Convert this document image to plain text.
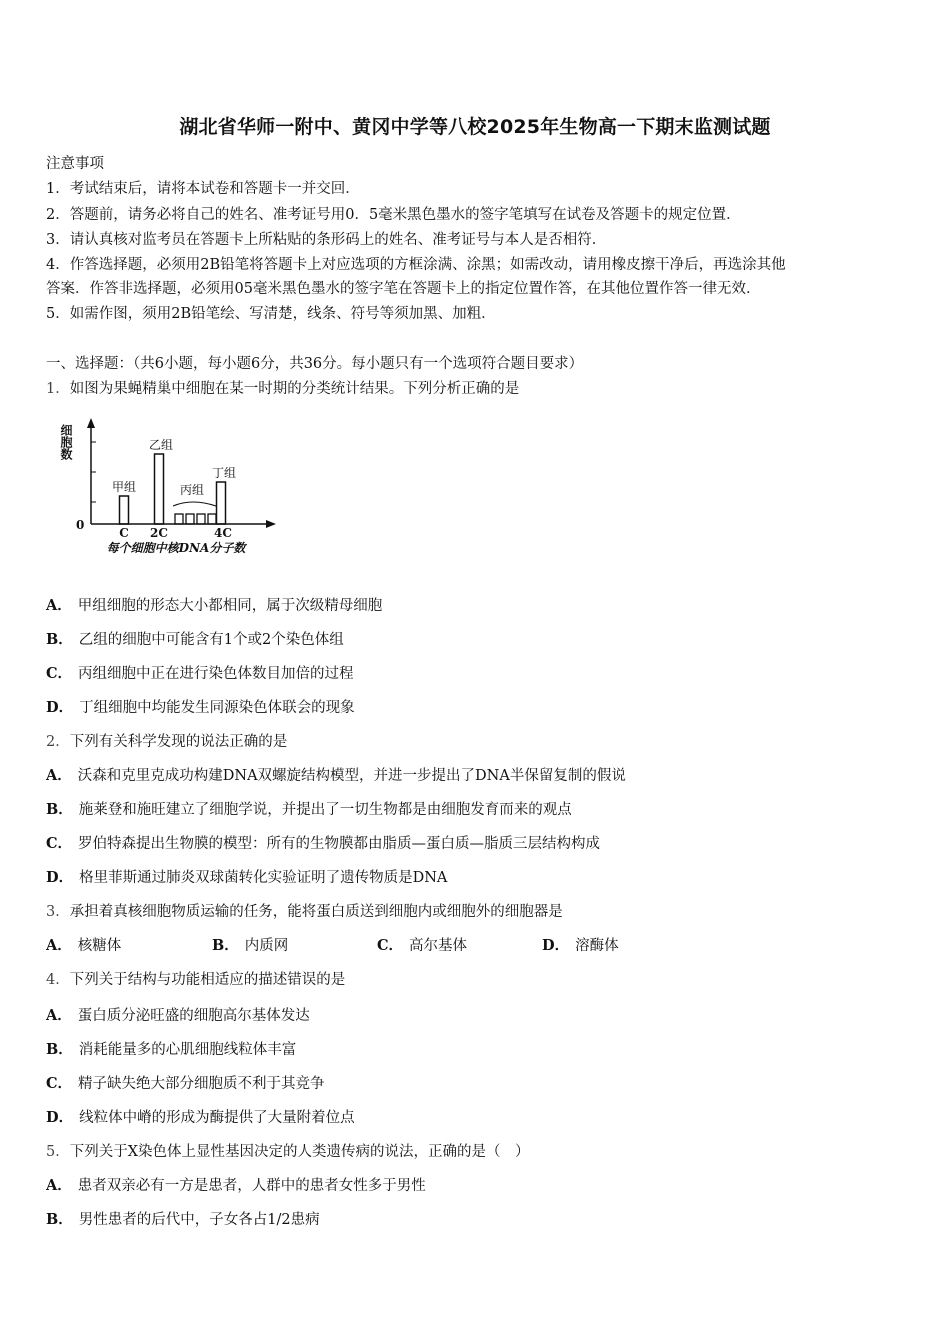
湖北省华师一附中、黄冈中学等八校2025年生物高一下期末监测试题
注意事项
1．考试结束后，请将本试卷和答题卡一并交回．
2．答题前，请务必将自己的姓名、准考证号用0．5毫米黑色墨水的签字笔填写在试卷及答题卡的规定位置．
3．请认真核对监考员在答题卡上所粘贴的条形码上的姓名、准考证号与本人是否相符．
4．作答选择题，必须用2B铅笔将答题卡上对应选项的方框涂满、涂黑；如需改动，请用橡皮擦干净后，再选涂其他
答案．作答非选择题，必须用05毫米黑色墨水的签字笔在答题卡上的指定位置作答，在其他位置作答一律无效．
5．如需作图，须用2B铅笔绘、写清楚，线条、符号等须加黑、加粗．
一、选择题：（共6小题，每小题6分，共36分。每小题只有一个选项符合题目要求）
1．如图为果蝇精巢中细胞在某一时期的分类统计结果。下列分析正确的是
细胞数
0
C 2C	4C
甲组
乙组
丙组
丁组
每个细胞中核DNA分子数
A． 甲组细胞的形态大小都相同，属于次级精母细胞
B． 乙组的细胞中可能含有1个或2个染色体组
C． 丙组细胞中正在进行染色体数目加倍的过程
D． 丁组细胞中均能发生同源染色体联会的现象
2．下列有关科学发现的说法正确的是
A． 沃森和克里克成功构建DNA双螺旋结构模型，并进一步提出了DNA半保留复制的假说
B． 施莱登和施旺建立了细胞学说，并提出了一切生物都是由细胞发育而来的观点
C． 罗伯特森提出生物膜的模型：所有的生物膜都由脂质—蛋白质—脂质三层结构构成
D． 格里菲斯通过肺炎双球菌转化实验证明了遗传物质是DNA
3．承担着真核细胞物质运输的任务，能将蛋白质送到细胞内或细胞外的细胞器是
A． 核糖体	B． 内质网	C． 高尔基体	D． 溶酶体
4．下列关于结构与功能相适应的描述错误的是
A． 蛋白质分泌旺盛的细胞高尔基体发达
B． 消耗能量多的心肌细胞线粒体丰富
C． 精子缺失绝大部分细胞质不利于其竞争
D． 线粒体中嵴的形成为酶提供了大量附着位点
5．下列关于X染色体上显性基因决定的人类遗传病的说法，正确的是（　）
A． 患者双亲必有一方是患者，人群中的患者女性多于男性
B． 男性患者的后代中，子女各占1/2患病
